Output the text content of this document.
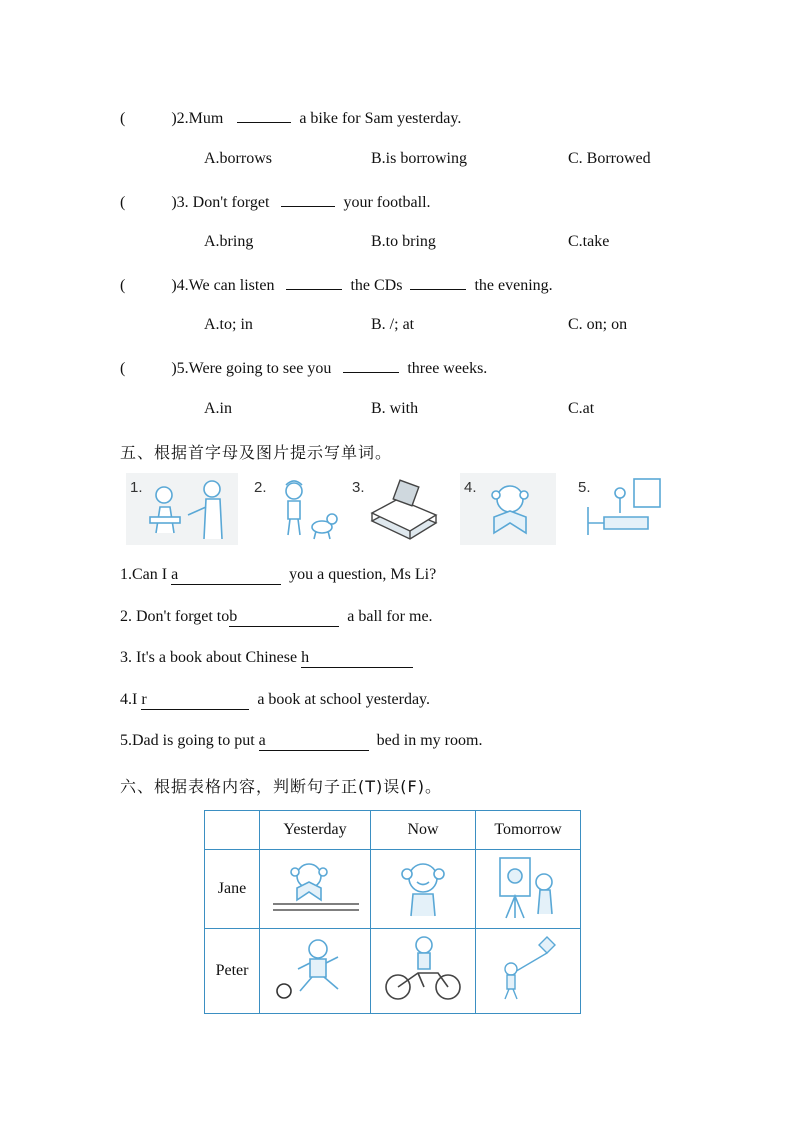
(	)2.Mum	a bike for Sam yesterday.
A.borrows	B.is borrowing	C. Borrowed
(	)3. Don't forget	your football.
A.bring	B.to bring	C.take
(	)4.We can listen	the CDs	the evening.
A.to; in	B. /; at	C. on; on
(	)5.Were going to see you	three weeks.
A.in	B. with	C.at
五、根据首字母及图片提示写单词。
1.	2.	3.	4.	5.
1.Can I a	you a question, Ms Li?
2. Don't forget tob	a ball for me.
3. It's a book about Chinese h
4.I r	a book at school yesterday.
5.Dad is going to put a	bed in my room.
六、根据表格内容，判断句子正(T)误(F)。
	Yesterday	Now	Tomorrow
Jane			
Peter			
